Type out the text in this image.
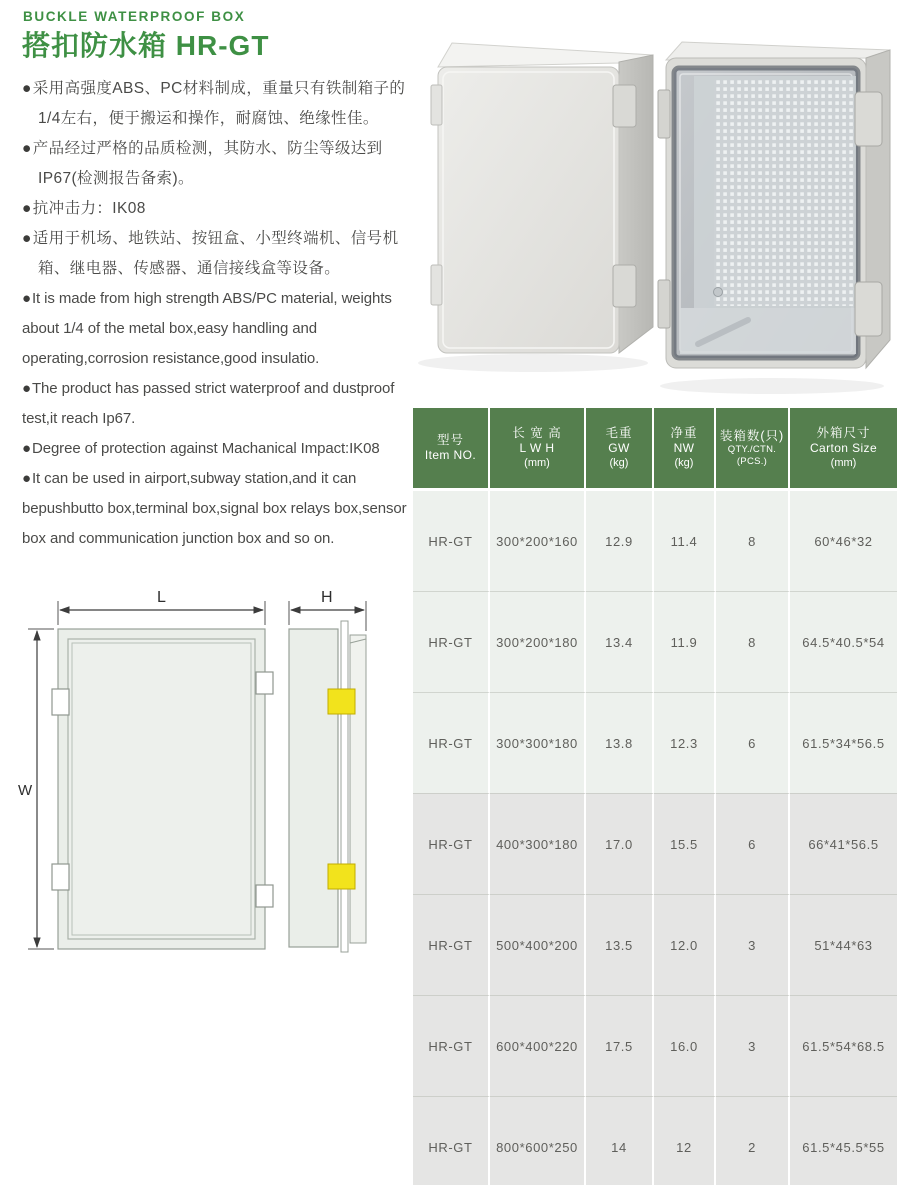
BUCKLE WATERPROOF BOX
搭扣防水箱 HR-GT
●采用高强度ABS、PC材料制成，重量只有铁制箱子的1/4左右，便于搬运和操作，耐腐蚀、绝缘性佳。
●产品经过严格的品质检测，其防水、防尘等级达到IP67(检测报告备索)。
●抗冲击力：IK08
●适用于机场、地铁站、按钮盒、小型终端机、信号机箱、继电器、传感器、通信接线盒等设备。
●It is made from high strength ABS/PC material, weights about 1/4 of the metal box,easy handling and operating,corrosion resistance,good insulatio.
●The product has passed strict waterproof and dustproof test,it reach Ip67.
●Degree of protection against Machanical Impact:IK08
●It can be used in airport,subway station,and it can bepushbutto box,terminal box,signal box relays box,sensor box and communication junction box and so on.
L
W
H
型号
Item NO.

长 宽 高
L W H
(mm)

毛重
GW
(kg)

净重
NW
(kg)

装箱数(只)
QTY./CTN.
(PCS.)

外箱尺寸
Carton Size
(mm)

HR-GT	300*200*160	12.9	11.4	8	60*46*32
HR-GT	300*200*180	13.4	11.9	8	64.5*40.5*54
HR-GT	300*300*180	13.8	12.3	6	61.5*34*56.5
HR-GT	400*300*180	17.0	15.5	6	66*41*56.5
HR-GT	500*400*200	13.5	12.0	3	51*44*63
HR-GT	600*400*220	17.5	16.0	3	61.5*54*68.5
HR-GT	800*600*250	14	12	2	61.5*45.5*55
